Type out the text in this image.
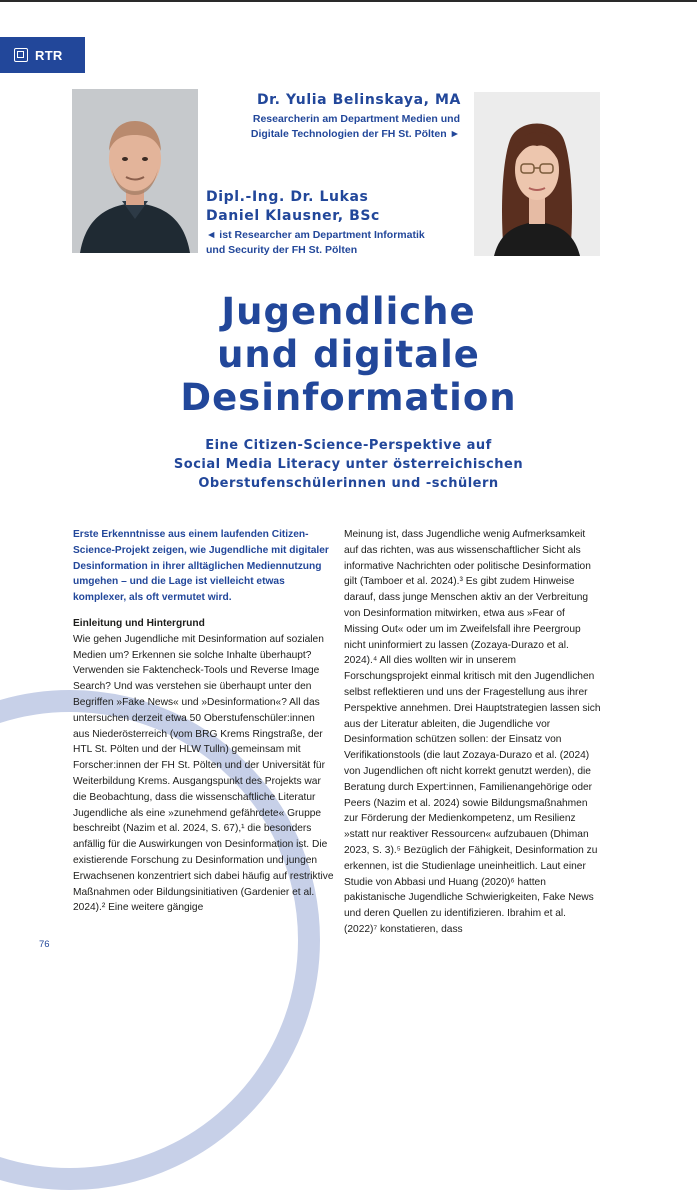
RTR
Dr. Yulia Belinskaya, MA
Researcherin am Department Medien und
Digitale Technologien der FH St. Pölten ►
Dipl.-Ing. Dr. Lukas
Daniel Klausner, BSc
◄ ist Researcher am Department Informatik
und Security der FH St. Pölten
Jugendliche
und digitale
Desinformation
Eine Citizen-Science-Perspektive auf
Social Media Literacy unter österreichischen
Oberstufenschülerinnen und -schülern

Erste Erkenntnisse aus einem laufenden Citizen-Science-Projekt zeigen, wie Jugendliche mit digitaler Desinformation in ihrer alltäglichen Mediennutzung umgehen – und die Lage ist vielleicht etwas komplexer, als oft vermutet wird.

Einleitung und Hintergrund

Wie gehen Jugendliche mit Desinformation auf sozialen Medien um? Erkennen sie solche Inhalte überhaupt? Verwenden sie Faktencheck-Tools und Reverse Image Search? Und was verstehen sie überhaupt unter den Begriffen »Fake News« und »Desinformation«? All das untersuchen derzeit etwa 50 Oberstufenschüler:innen aus Niederösterreich (vom BRG Krems Ringstraße, der HTL St. Pölten und der HLW Tulln) gemeinsam mit Forscher:innen der FH St. Pölten und der Universität für Weiterbildung Krems. Ausgangspunkt des Projekts war die Beobachtung, dass die wissenschaftliche Literatur Jugendliche als eine »zunehmend gefährdete« Gruppe beschreibt (Nazim et al. 2024, S. 67),¹ die besonders anfällig für die Auswirkungen von Desinformation ist. Die existierende Forschung zu Desinformation und jungen Erwachsenen konzentriert sich dabei häufig auf restriktive Maßnahmen oder Bildungsinitiativen (Gardenier et al. 2024).² Eine weitere gängige

Meinung ist, dass Jugendliche wenig Aufmerksamkeit auf das richten, was aus wissenschaftlicher Sicht als informative Nachrichten oder politische Desinformation gilt (Tamboer et al. 2024).³ Es gibt zudem Hinweise darauf, dass junge Menschen aktiv an der Verbreitung von Desinformation mitwirken, etwa aus »Fear of Missing Out« oder um im Zweifelsfall ihre Peergroup nicht uninformiert zu lassen (Zozaya-Durazo et al. 2024).⁴ All dies wollten wir in unserem Forschungsprojekt einmal kritisch mit den Jugendlichen selbst reflektieren und uns der Fragestellung aus ihrer Perspektive annehmen. Drei Hauptstrategien lassen sich aus der Literatur ableiten, die Jugendliche vor Desinformation schützen sollen: der Einsatz von Verifikationstools (die laut Zozaya-Durazo et al. (2024) von Jugendlichen oft nicht korrekt genutzt werden), die Beratung durch Expert:innen, Familienangehörige oder Peers (Nazim et al. 2024) sowie Bildungsmaßnahmen zur Förderung der Medienkompetenz, um Resilienz »statt nur reaktiver Ressourcen« aufzubauen (Dhiman 2023, S. 3).⁵ Bezüglich der Fähigkeit, Desinformation zu erkennen, ist die Studienlage uneinheitlich. Laut einer Studie von Abbasi und Huang (2020)⁶ hatten pakistanische Jugendliche Schwierigkeiten, Fake News und deren Quellen zu identifizieren. Ibrahim et al. (2022)⁷ konstatieren, dass

76
